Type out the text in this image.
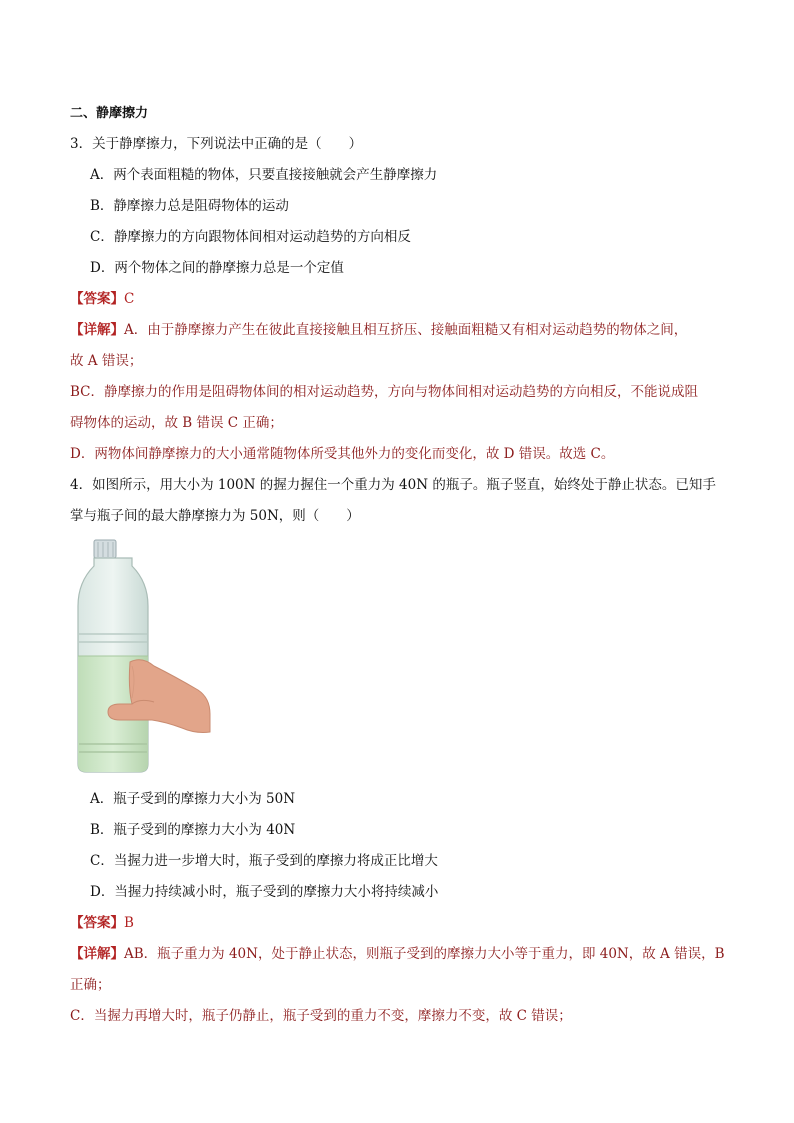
二、静摩擦力
3．关于静摩擦力，下列说法中正确的是（　　）
A．两个表面粗糙的物体，只要直接接触就会产生静摩擦力
B．静摩擦力总是阻碍物体的运动
C．静摩擦力的方向跟物体间相对运动趋势的方向相反
D．两个物体之间的静摩擦力总是一个定值
【答案】C
【详解】A．由于静摩擦力产生在彼此直接接触且相互挤压、接触面粗糙又有相对运动趋势的物体之间，
故 A 错误；
BC．静摩擦力的作用是阻碍物体间的相对运动趋势，方向与物体间相对运动趋势的方向相反，不能说成阻
碍物体的运动，故 B 错误 C 正确；
D．两物体间静摩擦力的大小通常随物体所受其他外力的变化而变化，故 D 错误。故选 C。
4．如图所示，用大小为 100N 的握力握住一个重力为 40N 的瓶子。瓶子竖直，始终处于静止状态。已知手
掌与瓶子间的最大静摩擦力为 50N，则（　　）
A．瓶子受到的摩擦力大小为 50N
B．瓶子受到的摩擦力大小为 40N
C．当握力进一步增大时，瓶子受到的摩擦力将成正比增大
D．当握力持续减小时，瓶子受到的摩擦力大小将持续减小
【答案】B
【详解】AB．瓶子重力为 40N，处于静止状态，则瓶子受到的摩擦力大小等于重力，即 40N，故 A 错误，B
正确；
C．当握力再增大时，瓶子仍静止，瓶子受到的重力不变，摩擦力不变，故 C 错误；
